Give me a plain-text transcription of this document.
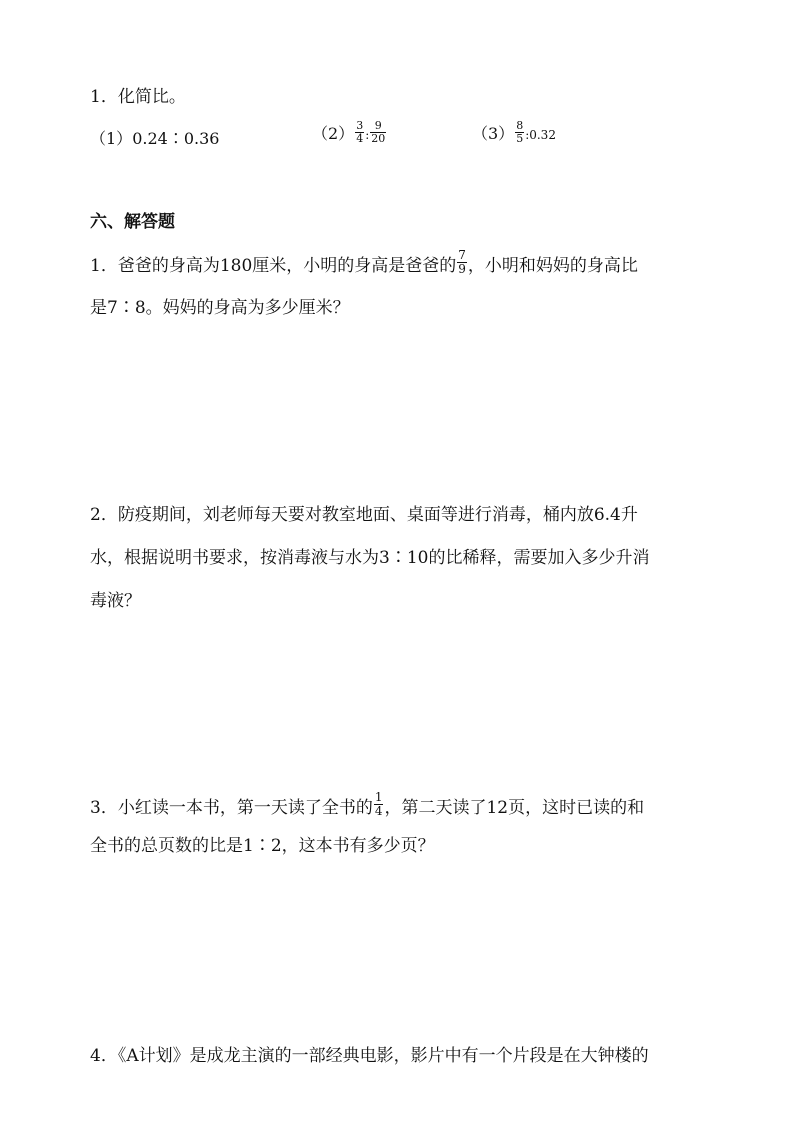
1．化简比。
（1）0.24∶0.36	$(2) \frac{3}{4}$ : $\frac{9}{20}$	$(3) \frac{8}{5}$ :0.32
六、解答题
1．爸爸的身高为180厘米，小明的身高是爸爸的 $\frac{7}{9}$ ，小明和妈妈的身高比
是7∶8。妈妈的身高为多少厘米？
2．防疫期间，刘老师每天要对教室地面、桌面等进行消毒，桶内放6.4升
水，根据说明书要求，按消毒液与水为3∶10的比稀释，需要加入多少升消
毒液？
3．小红读一本书，第一天读了全书的 $\frac{1}{4}$ ，第二天读了12页，这时已读的和
全书的总页数的比是1∶2，这本书有多少页？
4．《A计划》是成龙主演的一部经典电影，影片中有一个片段是在大钟楼的
